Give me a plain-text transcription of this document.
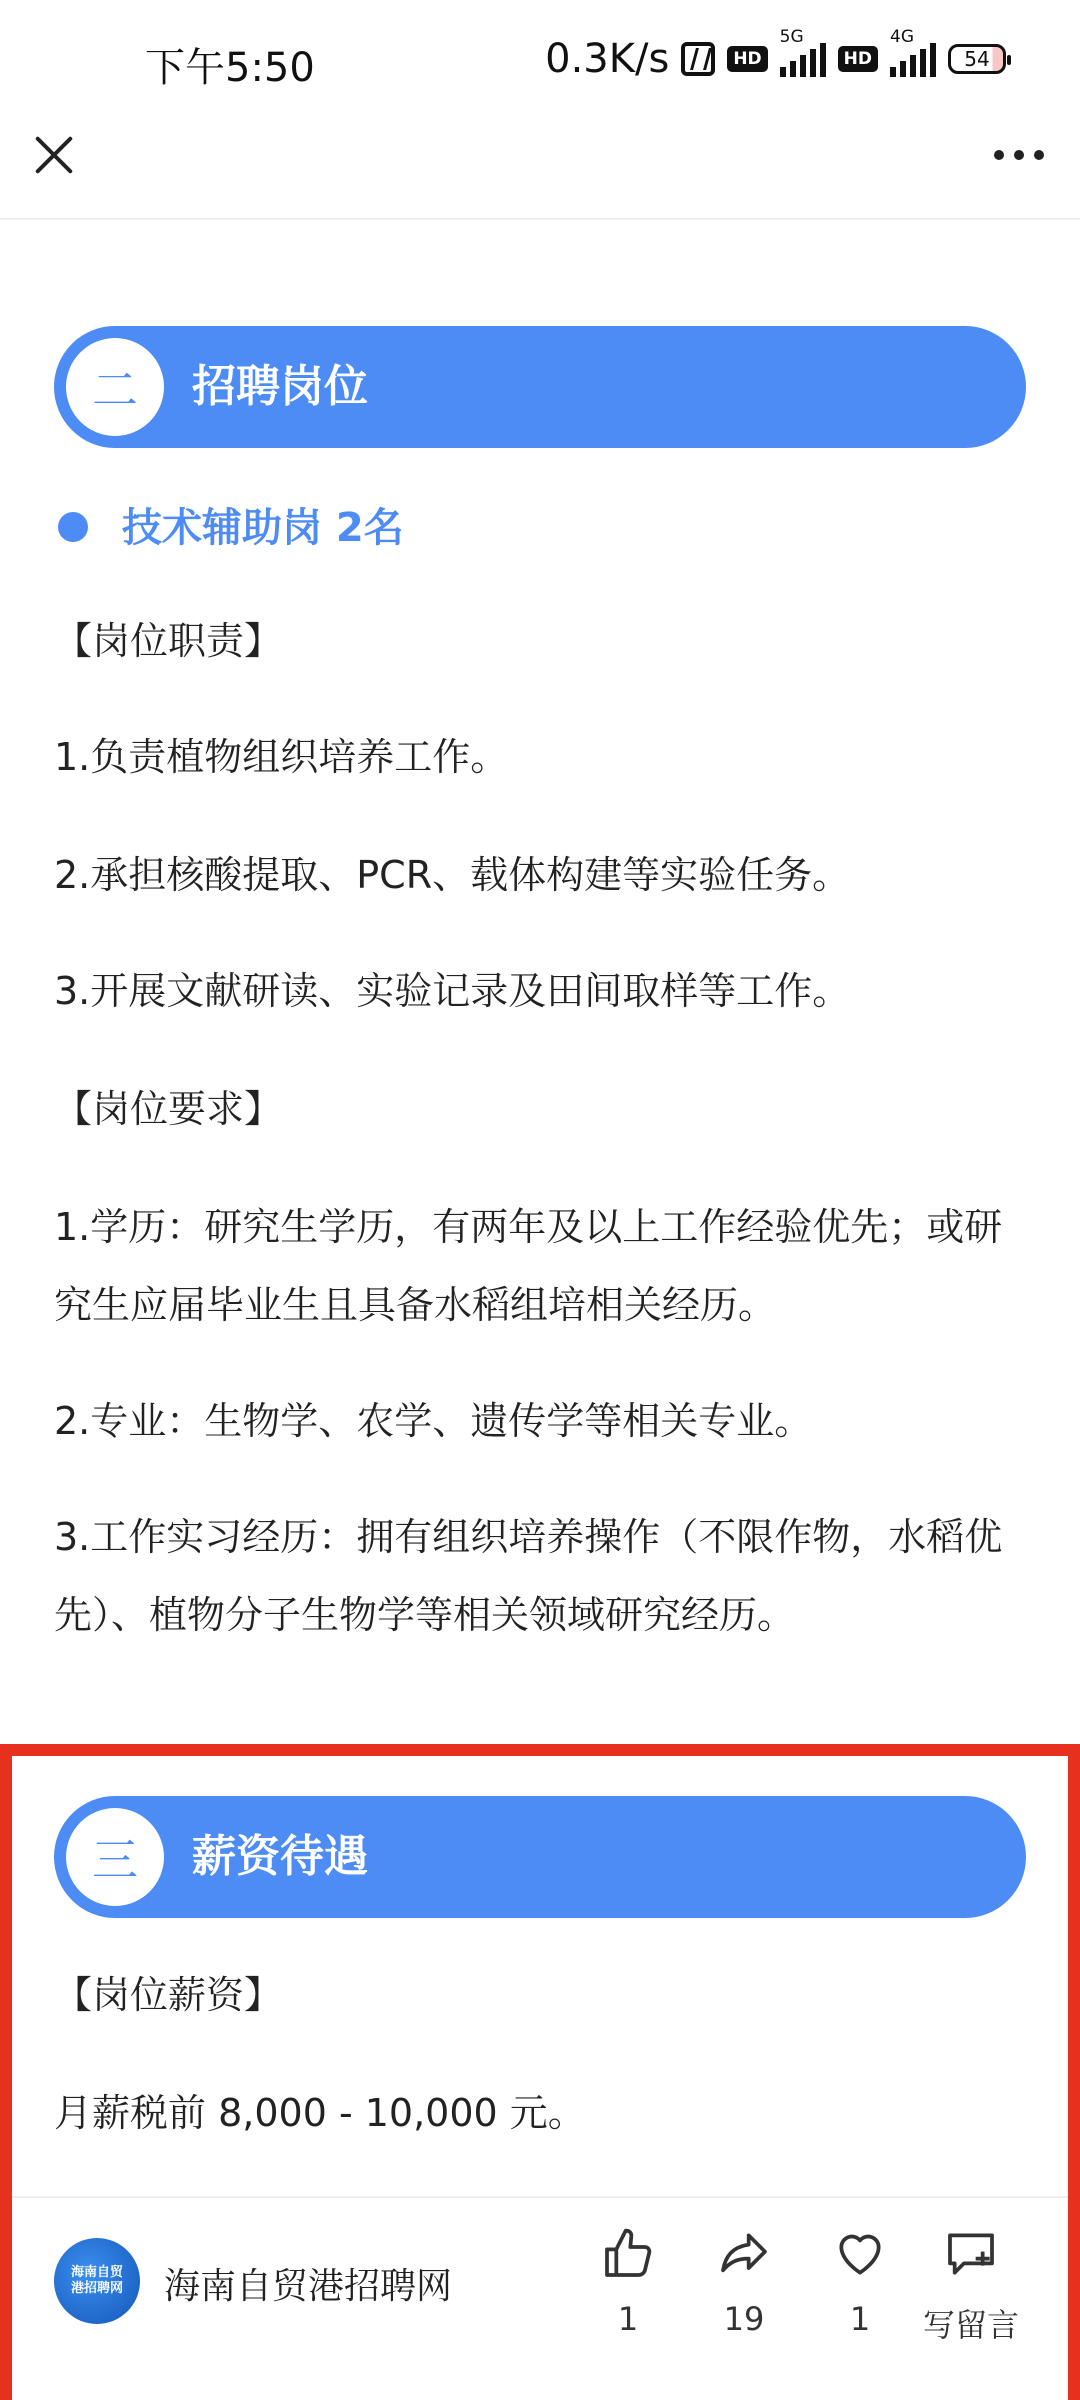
下午5:50	0.3K/s	HD
5G
HD
4G
54
二	招聘岗位
技术辅助岗 2名
【岗位职责】
1.负责植物组织培养工作。
2.承担核酸提取、PCR、载体构建等实验任务。
3.开展文献研读、实验记录及田间取样等工作。
【岗位要求】
1.学历：研究生学历，有两年及以上工作经验优先；或研究生应届毕业生且具备水稻组培相关经历。
2.专业：生物学、农学、遗传学等相关专业。
3.工作实习经历：拥有组织培养操作（不限作物，水稻优先）、植物分子生物学等相关领域研究经历。
三	薪资待遇
【岗位薪资】
月薪税前 8,000 - 10,000 元。
海南自贸港招聘网 海南自贸港招聘网
1	19	1	写留言
